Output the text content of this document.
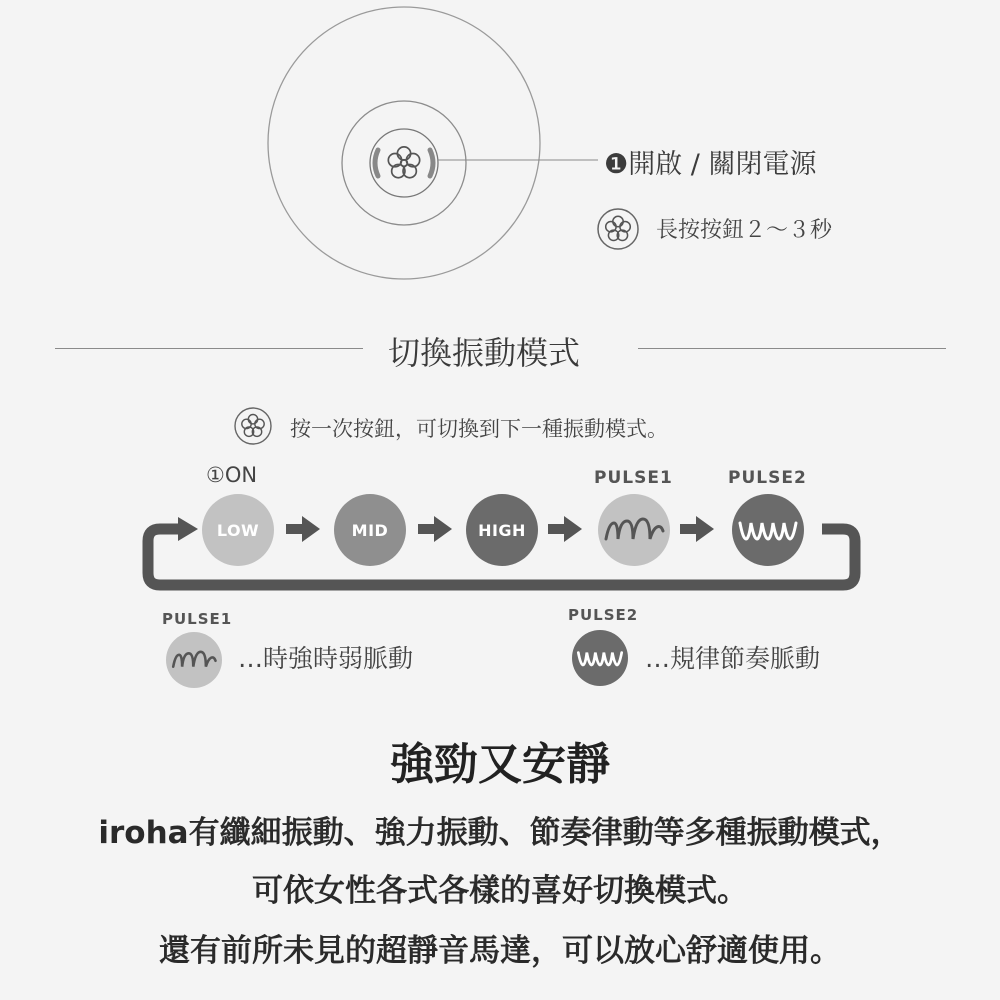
❶開啟 / 關閉電源
長按按鈕２～３秒
切換振動模式
按一次按鈕，可切換到下一種振動模式。
①ON	PULSE1	PULSE2
LOW	MID	HIGH
PULSE1
…時強時弱脈動
PULSE2
…規律節奏脈動
強勁又安靜
iroha有纖細振動、強力振動、節奏律動等多種振動模式，
可依女性各式各樣的喜好切換模式。
還有前所未見的超靜音馬達，可以放心舒適使用。
